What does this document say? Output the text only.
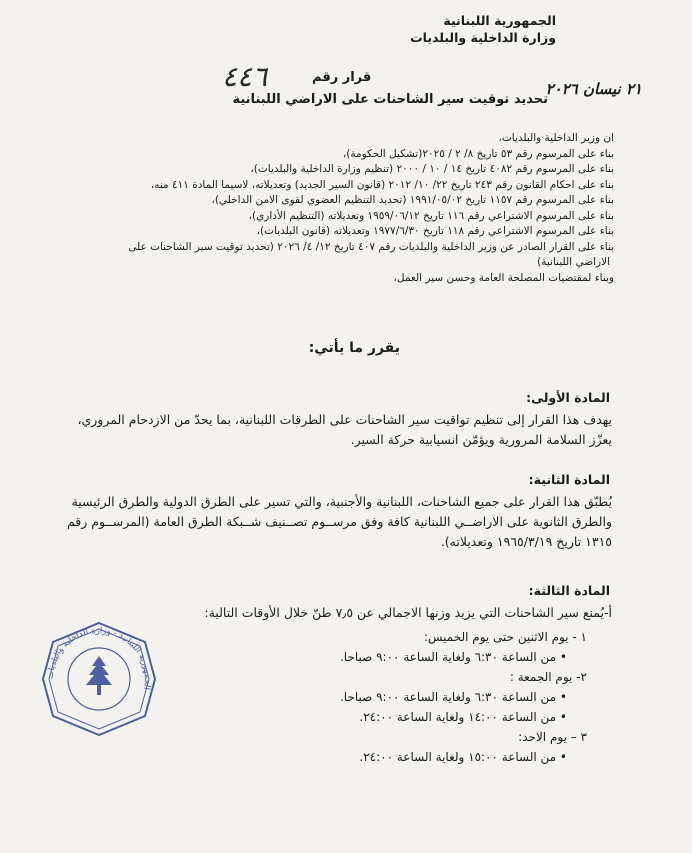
الجمهورية اللبنانية
وزارة الداخلية والبلديات
٤٤٦	قرار رقم
٢١ نيسان ٢٠٢٦
تحديد توقيت سير الشاحنات على الاراضي اللبنانية
ان وزير الداخلية والبلديات،
بناء على المرسوم رقم ٥٣ تاريخ ٨/ ٢ / ٢٠٢٥(تشكيل الحكومة)،
بناء على المرسوم رقم ٤٠٨٢ تاريخ ١٤ / ١٠ / ٢٠٠٠ (تنظيم وزارة الداخلية والبلديات)،
بناء على احكام القانون رقم ٢٤٣ تاريخ ٢٢/ ١٠/ ٢٠١٢ (قانون السير الجديد) وتعديلاته، لاسيما المادة ٤١١ منه،
بناء على المرسوم رقم ١١٥٧ تاريخ ١٩٩١/٠٥/٠٢ (تحديد التنظيم العضوي لقوى الامن الداخلي)،
بناء على المرسوم الاشتراعي رقم ١١٦ تاريخ ١٩٥٩/٠٦/١٢ وتعديلاته (التنظيم الأداري)،
بناء على المرسوم الاشتراعي رقم ١١٨ تاريخ ١٩٧٧/٦/٣٠ وتعديلاته (قانون البلديات)،
بناء على القرار الصادر عن وزير الداخلية والبلديات رقم ٤٠٧ تاريخ ١٢/ ٤/ ٢٠٢٦ (تحديد توقيت سير الشاحنات على
الاراضي اللبنانية)
وبناء لمقتضيات المصلحة العامة وحسن سير العمل،
يقرر ما يأتي:
المادة الأولى:
يهدف هذا القرار إلى تنظيم تواقيت سير الشاحنات على الطرقات اللبنانية، بما يحدّ من الازدحام المروري،
يعزّز السلامة المرورية ويؤمّن انسيابية حركة السير.
المادة الثانية:
يُطبّق هذا القرار على جميع الشاحنات، اللبنانية والأجنبية، والتي تسير على الطرق الدولية والطرق الرئيسية
والطرق الثانوية على الاراضــي اللبنانية كافة وفق مرســوم تصــنيف شــبكة الطرق العامة (المرســوم رقم
١٣١٥ تاريخ ١٩٦٥/٣/١٩ وتعديلاته).
المادة الثالثة:
أ-يُمنع سير الشاحنات التي يزيد وزنها الاجمالي عن ٧٫٥ طنّ خلال الأوقات التالية:
١ - يوم الاثنين حتى يوم الخميس:
• من الساعة ٦:٣٠ ولغاية الساعة ٩:٠٠ صباحا.
٢- يوم الجمعة :
• من الساعة ٦:٣٠ ولغاية الساعة ٩:٠٠ صباحا.
• من الساعة ١٤:٠٠ ولغاية الساعة ٢٤:٠٠.
٣ – يوم الاحد:
• من الساعة ١٥:٠٠ ولغاية الساعة ٢٤:٠٠.
الجمهورية اللبنانية - وزارة الداخلية والبلديات
